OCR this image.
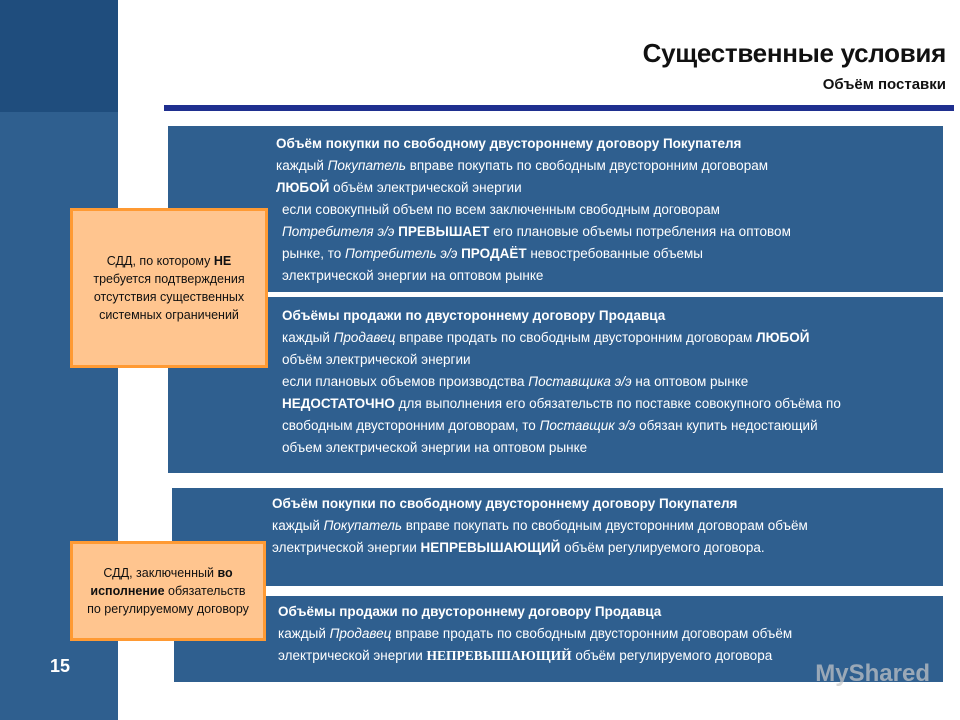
15
Существенные условия
Объём поставки
Объём покупки по свободному двустороннему договору Покупателя
каждый Покупатель вправе покупать по свободным двусторонним договорам
ЛЮБОЙ объём электрической энергии
если совокупный объем по всем заключенным свободным договорам
Потребителя э/э ПРЕВЫШАЕТ его плановые объемы потребления на оптовом
рынке, то Потребитель э/э ПРОДАЁТ невостребованные объемы
электрической энергии на оптовом рынке
Объёмы продажи по двустороннему договору Продавца
каждый Продавец вправе продать по свободным двусторонним договорам ЛЮБОЙ
объём электрической энергии
если плановых объемов производства Поставщика э/э на оптовом рынке
НЕДОСТАТОЧНО для выполнения его обязательств по поставке совокупного объёма по
свободным двусторонним договорам, то Поставщик э/э обязан купить недостающий
объем электрической энергии на оптовом рынке
Объём покупки по свободному двустороннему договору Покупателя
каждый Покупатель вправе покупать по свободным двусторонним договорам объём
электрической энергии НЕПРЕВЫШАЮЩИЙ объём регулируемого договора.
Объёмы продажи по двустороннему договору Продавца
каждый Продавец вправе продать по свободным двусторонним договорам объём
электрической энергии НЕПРЕВЫШАЮЩИЙ объём регулируемого договора
СДД, по которому НЕ требуется подтверждения отсутствия существенных системных ограничений
СДД, заключенный во исполнение обязательств по регулируемому договору
MyShared
